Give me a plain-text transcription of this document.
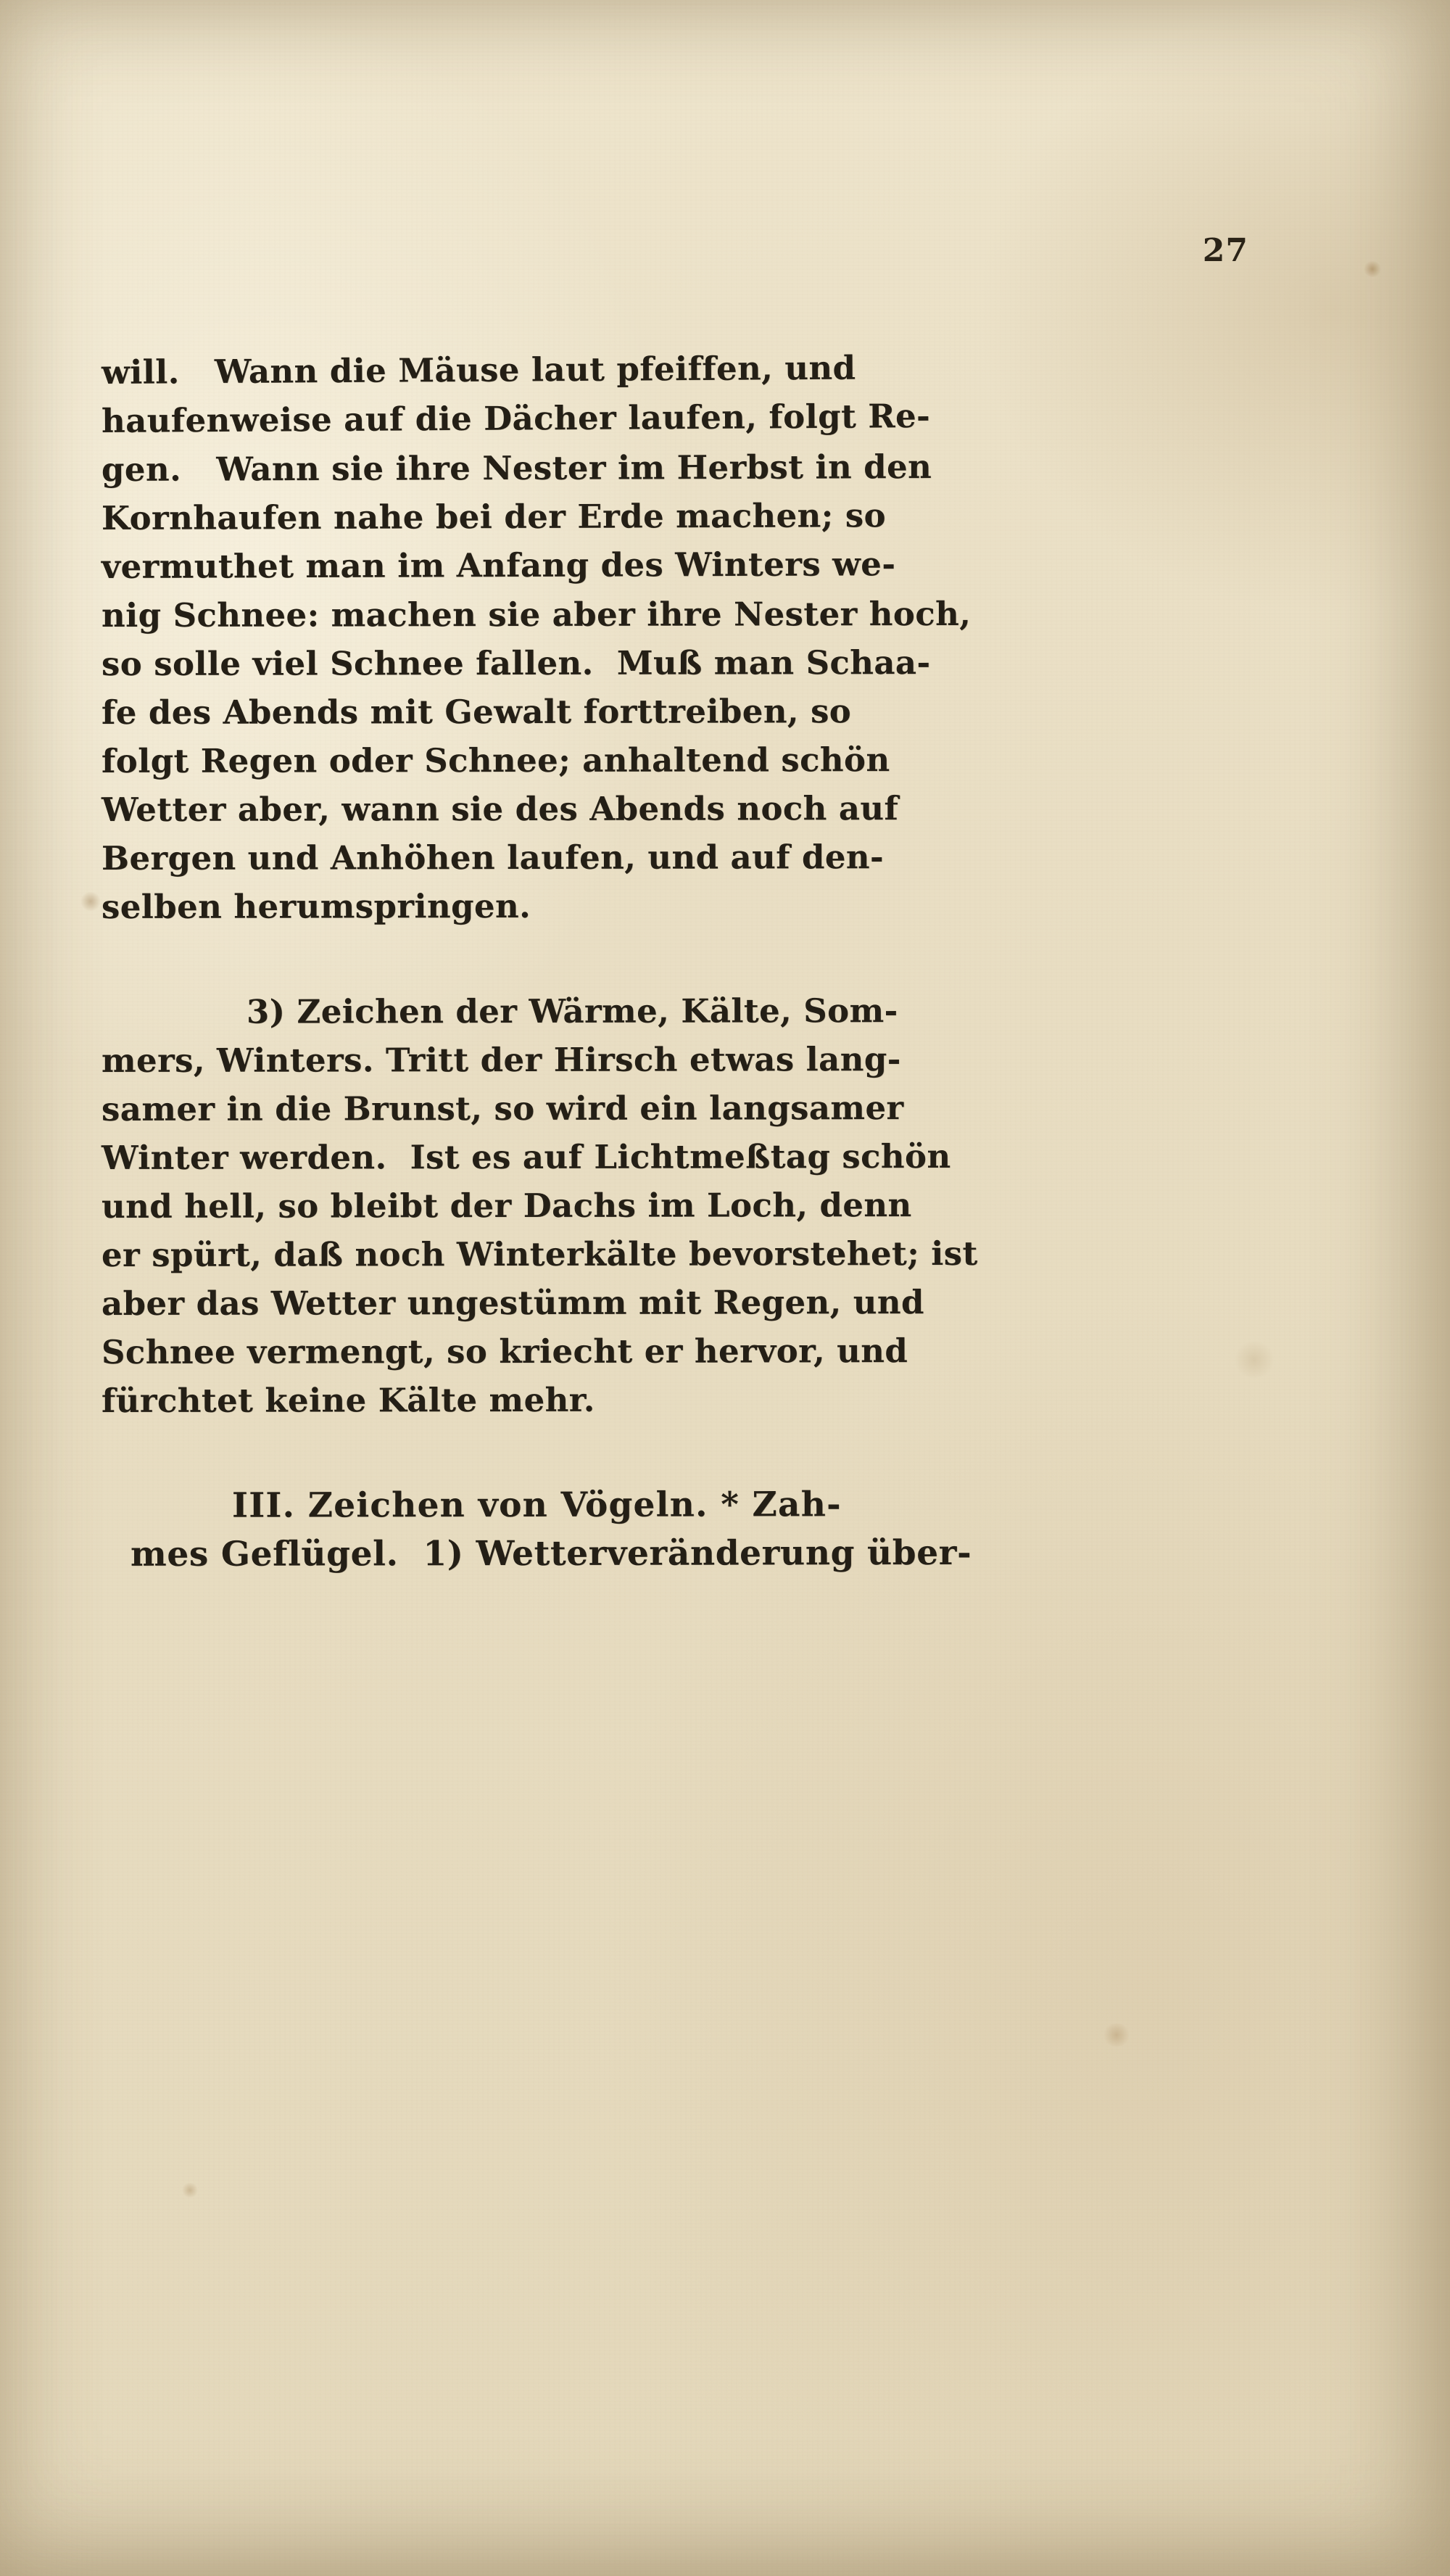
27
will.   Wann die Mäuse laut pfeiffen, und
haufenweise auf die Dächer laufen, folgt Re-
gen.   Wann sie ihre Nester im Herbst in den
Kornhaufen nahe bei der Erde machen; so
vermuthet man im Anfang des Winters we-
nig Schnee: machen sie aber ihre Nester hoch,
so solle viel Schnee fallen.  Muß man Schaa-
fe des Abends mit Gewalt forttreiben, so
folgt Regen oder Schnee; anhaltend schön
Wetter aber, wann sie des Abends noch auf
Bergen und Anhöhen laufen, und auf den-
selben herumspringen.
3) Zeichen der Wärme, Kälte, Som-
mers, Winters. Tritt der Hirsch etwas lang-
samer in die Brunst, so wird ein langsamer
Winter werden.  Ist es auf Lichtmeßtag schön
und hell, so bleibt der Dachs im Loch, denn
er spürt, daß noch Winterkälte bevorstehet; ist
aber das Wetter ungestümm mit Regen, und
Schnee vermengt, so kriecht er hervor, und
fürchtet keine Kälte mehr.
III. Zeichen von Vögeln. * Zah-
mes Geflügel.  1) Wetterveränderung über-
